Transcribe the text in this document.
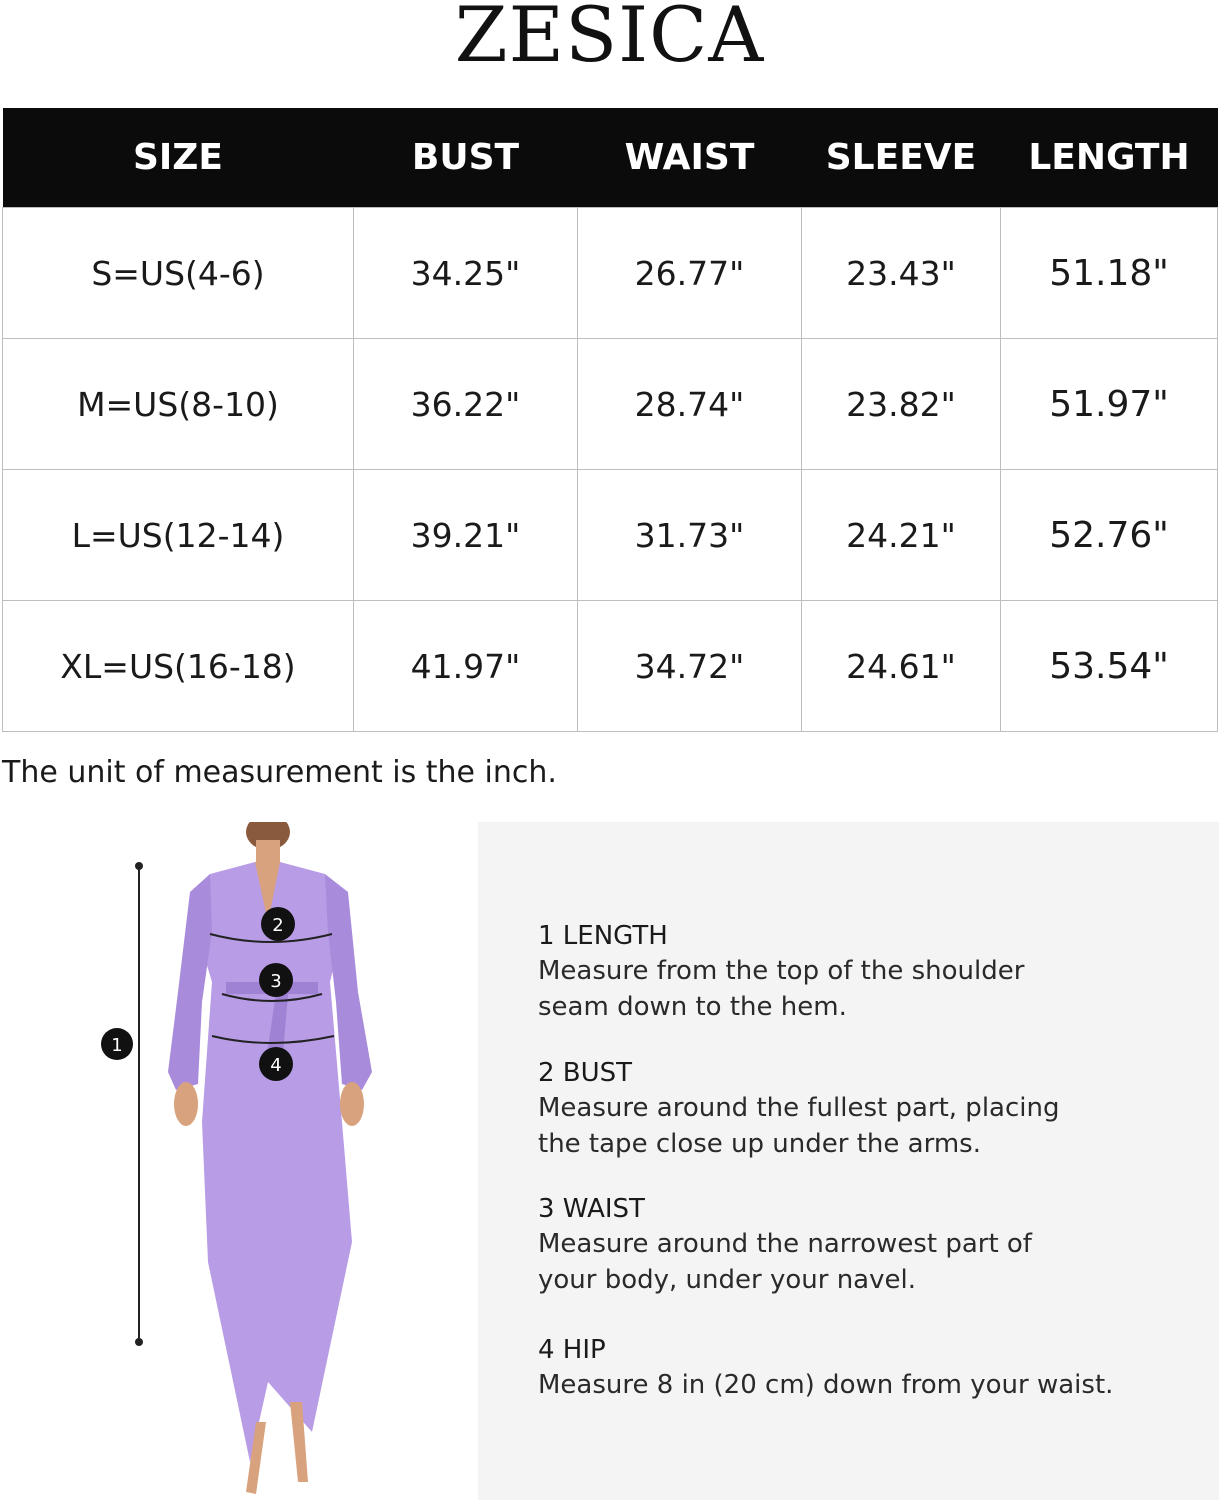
ZESICA
SIZE	BUST	WAIST	SLEEVE	LENGTH
S=US(4-6)	34.25"	26.77"	23.43"	51.18"
M=US(8-10)	36.22"	28.74"	23.82"	51.97"
L=US(12-14)	39.21"	31.73"	24.21"	52.76"
XL=US(16-18)	41.97"	34.72"	24.61"	53.54"
The unit of measurement is the inch.
1
2
3
4
1 LENGTH
Measure from the top of the shoulder
seam down to the hem.
2 BUST
Measure around the fullest part, placing
the tape close up under the arms.
3 WAIST
Measure around the narrowest part of
your body, under your navel.
4 HIP
Measure 8 in (20 cm) down from your waist.
